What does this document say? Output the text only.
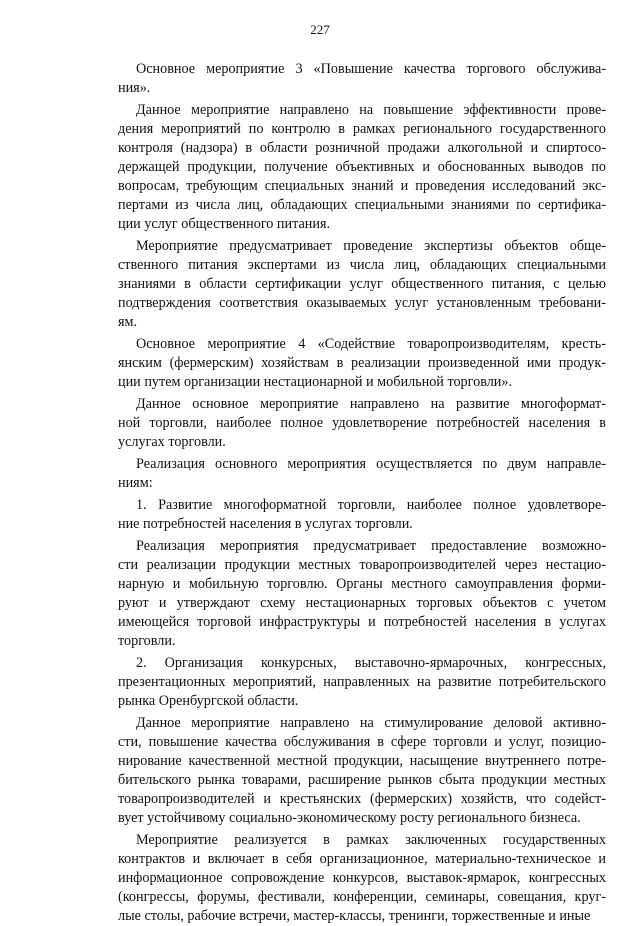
227
Основное мероприятие 3 «Повышение качества торгового обслужива-
ния».
Данное мероприятие направлено на повышение эффективности прове-
дения мероприятий по контролю в рамках регионального государственного
контроля (надзора) в области розничной продажи алкогольной и спиртосо-
держащей продукции, получение объективных и обоснованных выводов по
вопросам, требующим специальных знаний и проведения исследований экс-
пертами из числа лиц, обладающих специальными знаниями по сертифика-
ции услуг общественного питания.
Мероприятие предусматривает проведение экспертизы объектов обще-
ственного питания экспертами из числа лиц, обладающих специальными
знаниями в области сертификации услуг общественного питания, с целью
подтверждения соответствия оказываемых услуг установленным требовани-
ям.
Основное мероприятие 4 «Содействие товаропроизводителям, кресть-
янским (фермерским) хозяйствам в реализации произведенной ими продук-
ции путем организации нестационарной и мобильной торговли».
Данное основное мероприятие направлено на развитие многоформат-
ной торговли, наиболее полное удовлетворение потребностей населения в
услугах торговли.
Реализация основного мероприятия осуществляется по двум направле-
ниям:
1. Развитие многоформатной торговли, наиболее полное удовлетворе-
ние потребностей населения в услугах торговли.
Реализация мероприятия предусматривает предоставление возможно-
сти реализации продукции местных товаропроизводителей через нестацио-
нарную и мобильную торговлю. Органы местного самоуправления форми-
руют и утверждают схему нестационарных торговых объектов с учетом
имеющейся торговой инфраструктуры и потребностей населения в услугах
торговли.
2. Организация конкурсных, выставочно-ярмарочных, конгрессных,
презентационных мероприятий, направленных на развитие потребительского
рынка Оренбургской области.
Данное мероприятие направлено на стимулирование деловой активно-
сти, повышение качества обслуживания в сфере торговли и услуг, позицио-
нирование качественной местной продукции, насыщение внутреннего потре-
бительского рынка товарами, расширение рынков сбыта продукции местных
товаропроизводителей и крестьянских (фермерских) хозяйств, что содейст-
вует устойчивому социально-экономическому росту регионального бизнеса.
Мероприятие реализуется в рамках заключенных государственных
контрактов и включает в себя организационное, материально-техническое и
информационное сопровождение конкурсов, выставок-ярмарок, конгрессных
(конгрессы, форумы, фестивали, конференции, семинары, совещания, круг-
лые столы, рабочие встречи, мастер-классы, тренинги, торжественные и иные
